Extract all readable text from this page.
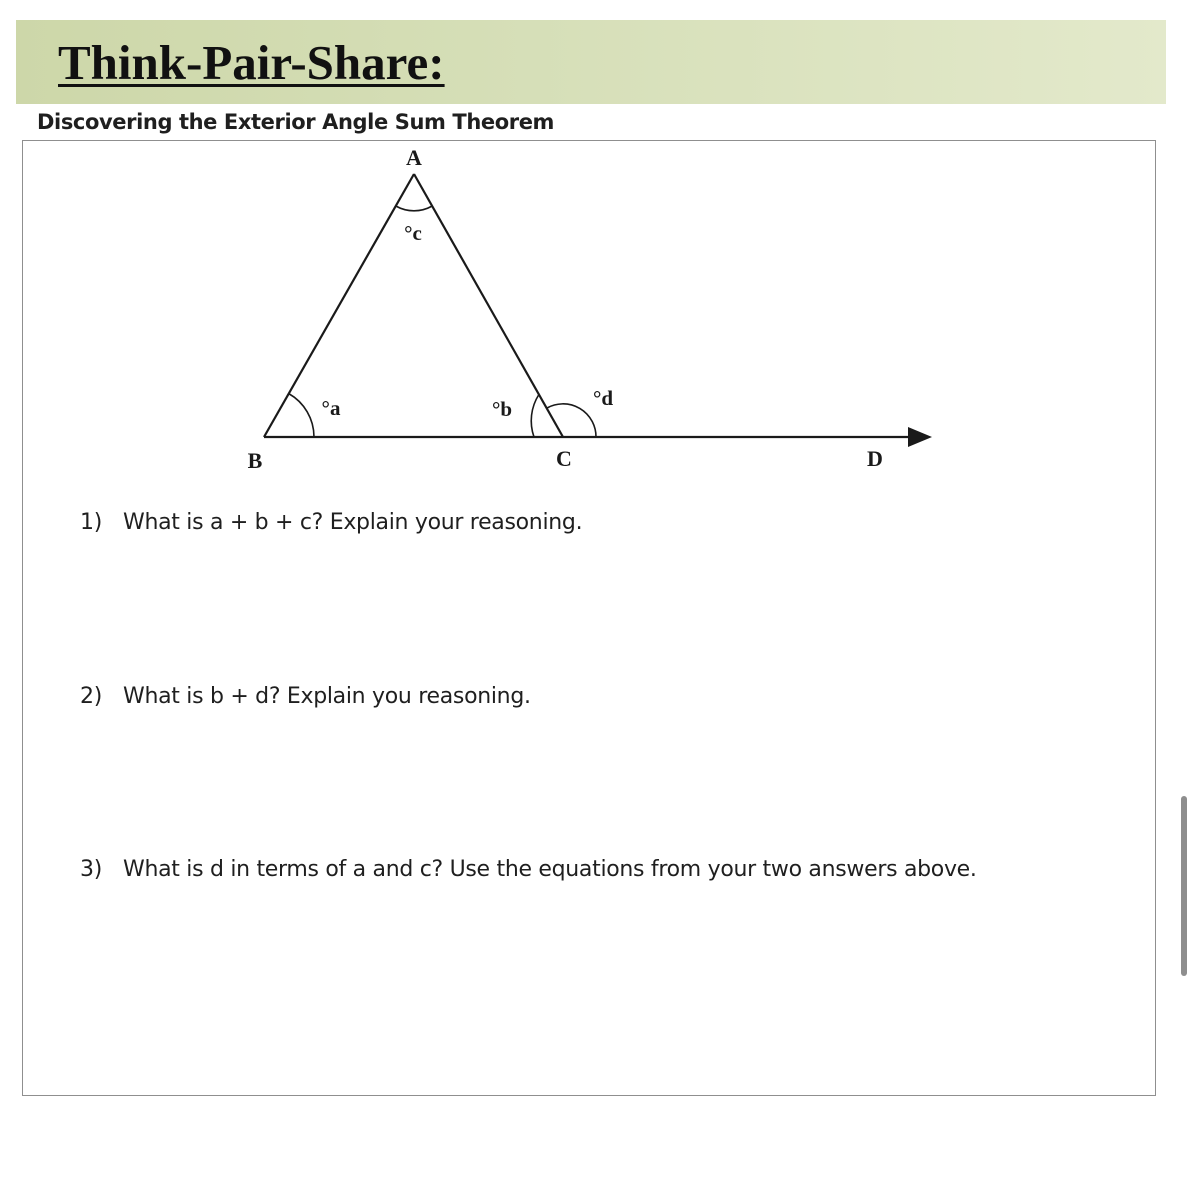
Think-Pair-Share:
Discovering the Exterior Angle Sum Theorem
A
B	C	D
°c
°a	°b	°d

1) What is a + b + c? Explain your reasoning.

2) What is b + d? Explain you reasoning.

3) What is d in terms of a and c? Use the equations from your two answers above.
